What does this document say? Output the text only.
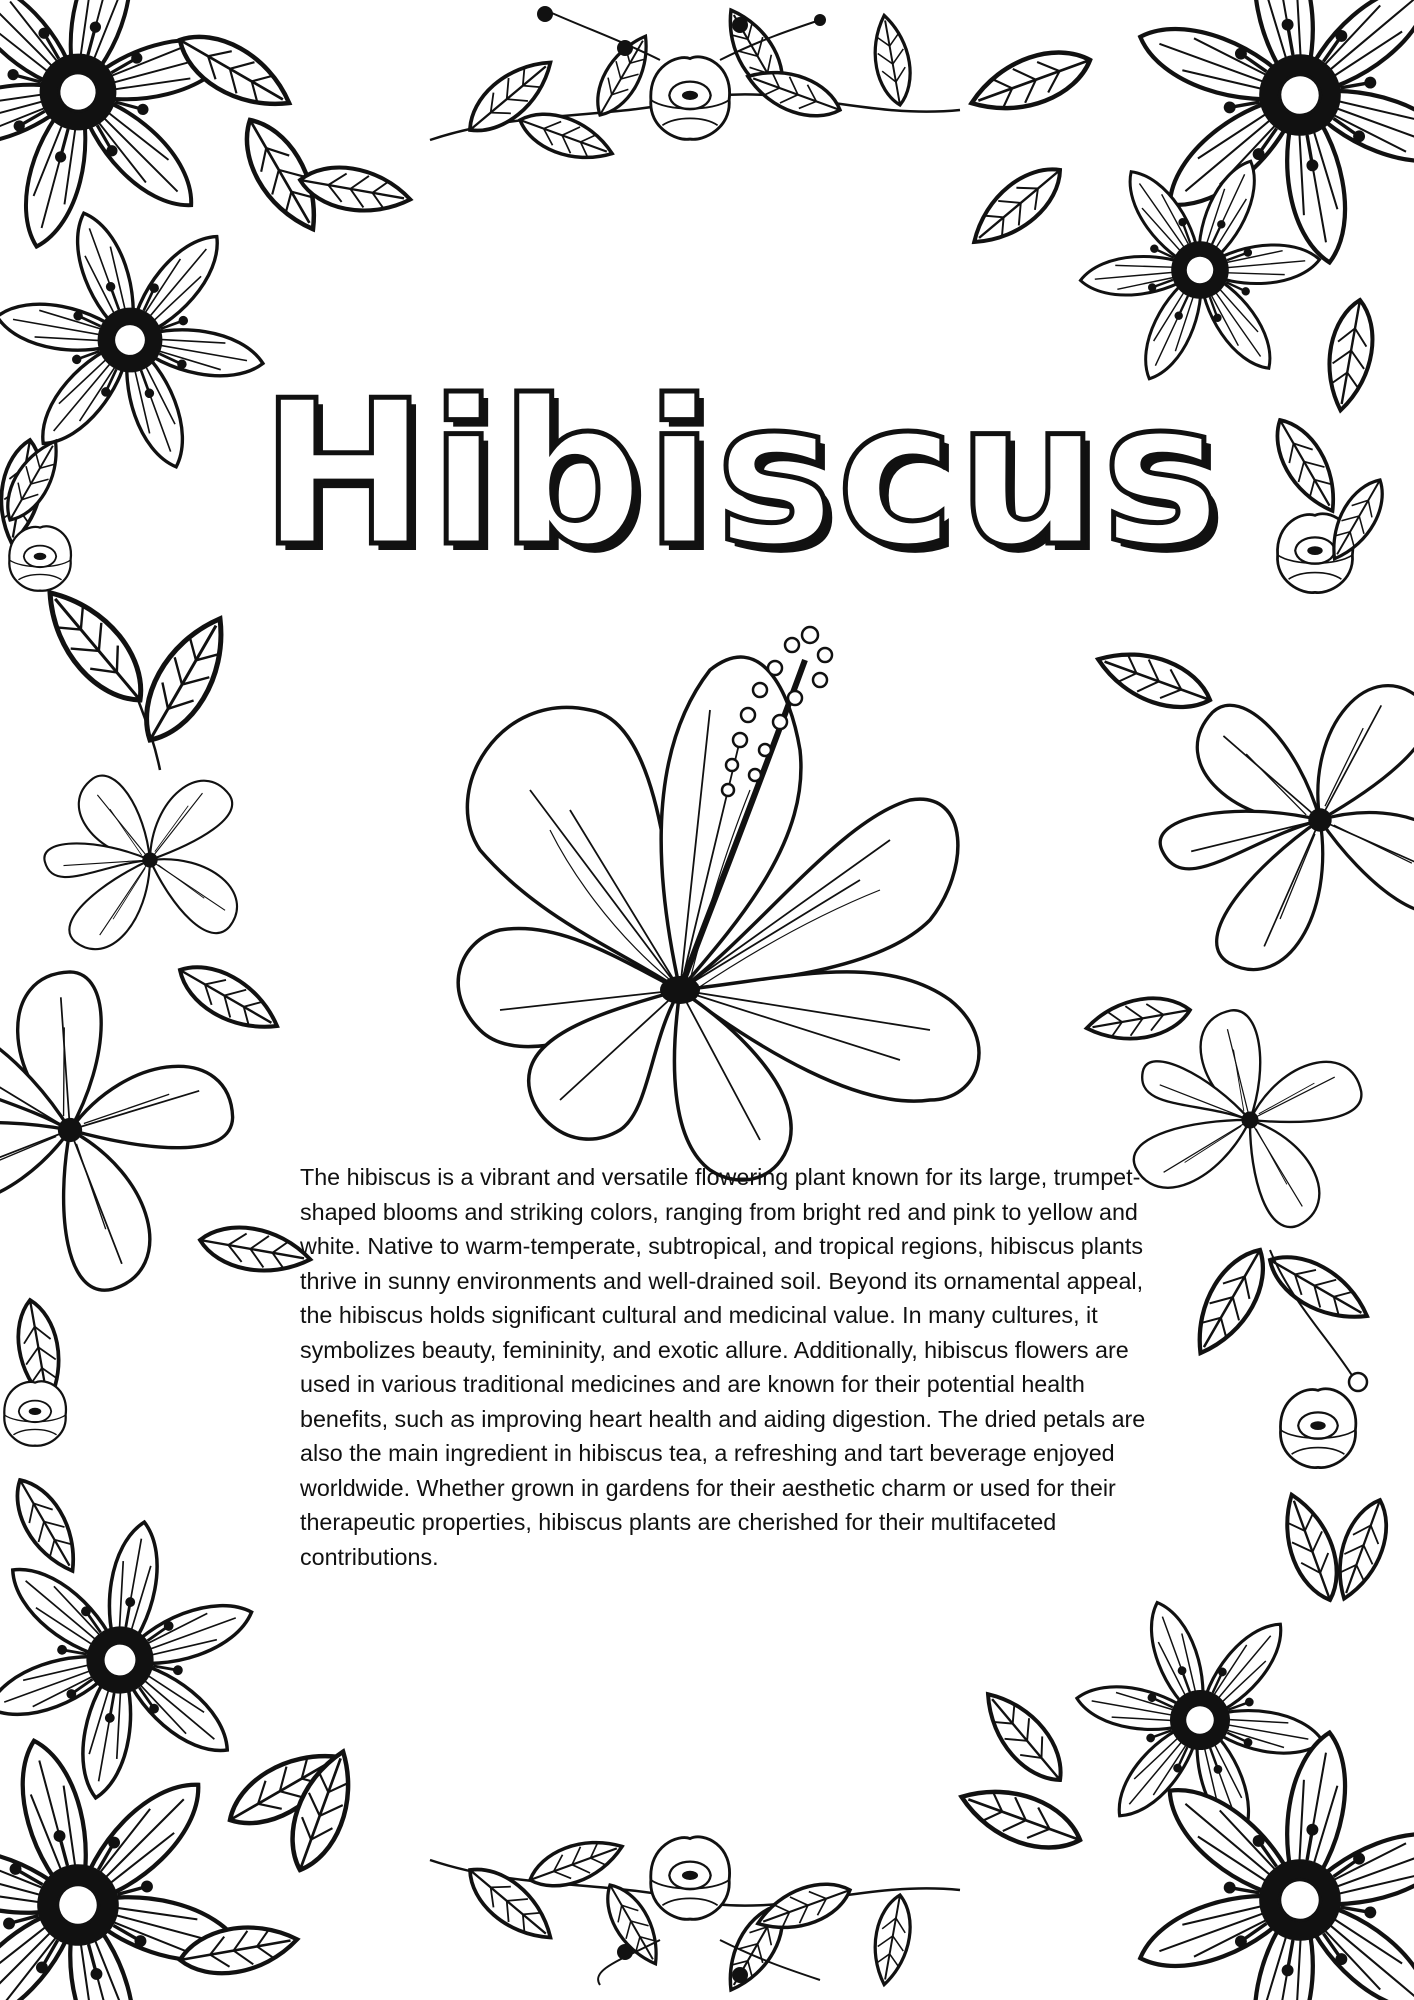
Hibiscus

The hibiscus is a vibrant and versatile flowering plant known for its large, trumpet-shaped blooms and striking colors, ranging from bright red and pink to yellow and white. Native to warm-temperate, subtropical, and tropical regions, hibiscus plants thrive in sunny environments and well-drained soil. Beyond its ornamental appeal, the hibiscus holds significant cultural and medicinal value. In many cultures, it symbolizes beauty, femininity, and exotic allure. Additionally, hibiscus flowers are used in various traditional medicines and are known for their potential health benefits, such as improving heart health and aiding digestion. The dried petals are also the main ingredient in hibiscus tea, a refreshing and tart beverage enjoyed worldwide. Whether grown in gardens for their aesthetic charm or used for their therapeutic properties, hibiscus plants are cherished for their multifaceted contributions.
